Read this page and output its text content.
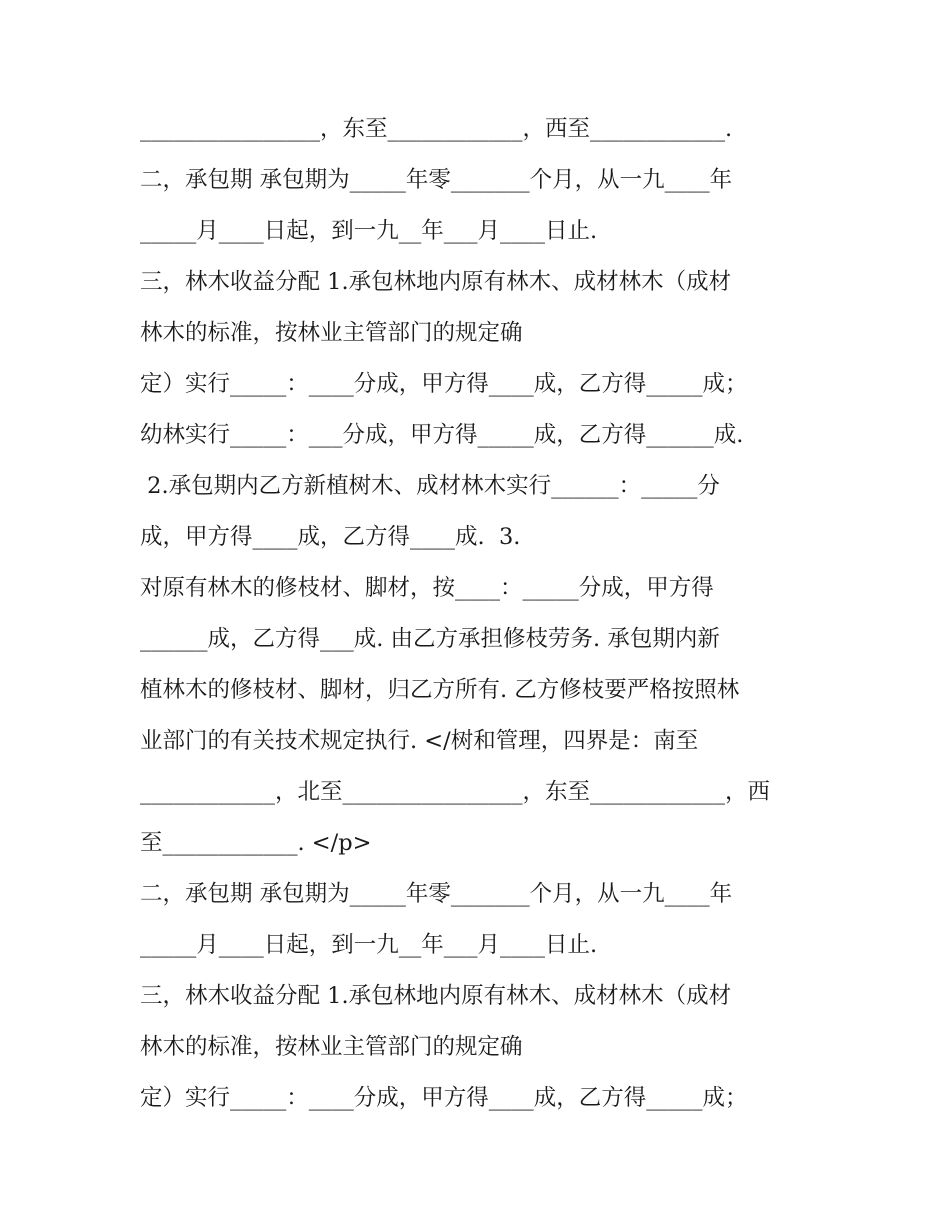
________________，东至____________，西至____________.
二，承包期 承包期为_____年零_______个月，从一九____年
_____月____日起，到一九__年___月____日止.
三，林木收益分配 1.承包林地内原有林木、成材林木（成材
林木的标准，按林业主管部门的规定确
定）实行_____：____分成，甲方得____成，乙方得_____成；
幼林实行_____：___分成，甲方得_____成，乙方得______成.
2.承包期内乙方新植树木、成材林木实行______：_____分
成，甲方得____成，乙方得____成.  3.
对原有林木的修枝材、脚材，按____：_____分成，甲方得
______成，乙方得___成. 由乙方承担修枝劳务. 承包期内新
植林木的修枝材、脚材，归乙方所有. 乙方修枝要严格按照林
业部门的有关技术规定执行. </树和管理，四界是：南至
____________，北至________________，东至____________，西
至____________. </p>
二，承包期 承包期为_____年零_______个月，从一九____年
_____月____日起，到一九__年___月____日止.
三，林木收益分配 1.承包林地内原有林木、成材林木（成材
林木的标准，按林业主管部门的规定确
定）实行_____：____分成，甲方得____成，乙方得_____成；
